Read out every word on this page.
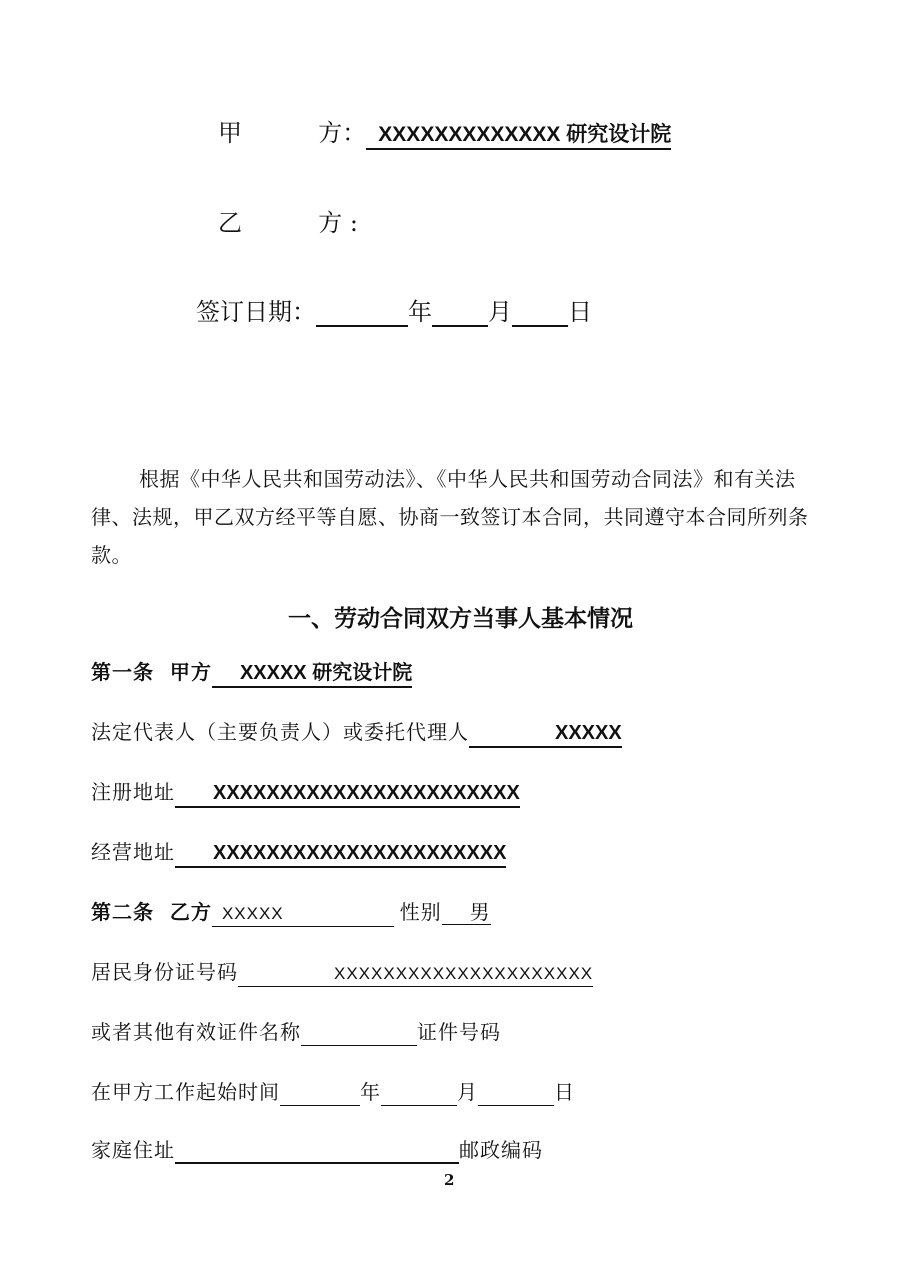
甲          方： XXXXXXXXXXXXX 研究设计院
乙          方 :
签订日期：	年 月 日
根据《中华人民共和国劳动法》、《中华人民共和国劳动合同法》和有关法律、法规，甲乙双方经平等自愿、协商一致签订本合同，共同遵守本合同所列条款。
一、劳动合同双方当事人基本情况
第一条  甲方 XXXXX 研究设计院
法定代表人（主要负责人）或委托代理人	XXXXX
注册地址 XXXXXXXXXXXXXXXXXXXXXXX
经营地址 XXXXXXXXXXXXXXXXXXXXXX
第二条  乙方 XXXXX	性别 男
居民身份证号码	XXXXXXXXXXXXXXXXXXXXX
或者其他有效证件名称	证件号码
在甲方工作起始时间	年	月	日
家庭住址	邮政编码
2
